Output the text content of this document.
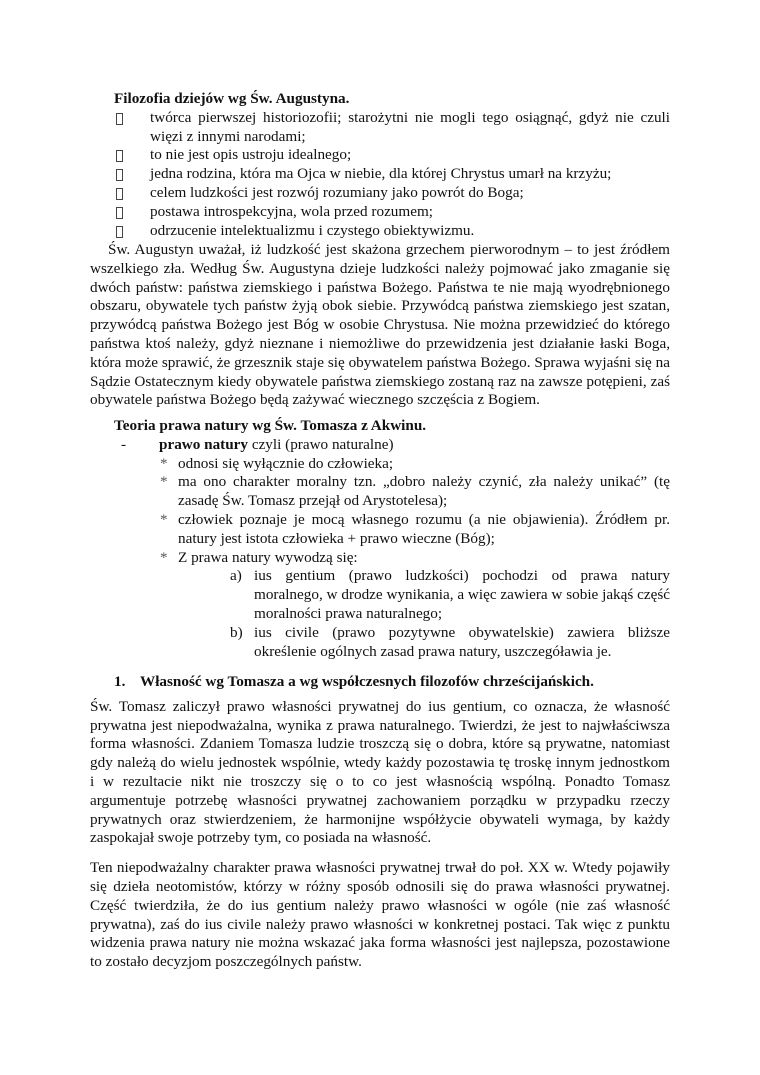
Filozofia dziejów wg Św. Augustyna.
twórca pierwszej historiozofii; starożytni nie mogli tego osiągnąć, gdyż nie czuli więzi z innymi narodami;
to nie jest opis ustroju idealnego;
jedna rodzina, która ma Ojca w niebie, dla której Chrystus umarł na krzyżu;
celem ludzkości jest rozwój rozumiany jako powrót do Boga;
postawa introspekcyjna, wola przed rozumem;
odrzucenie intelektualizmu i czystego obiektywizmu.

Św. Augustyn uważał, iż ludzkość jest skażona grzechem pierworodnym – to jest źródłem wszelkiego zła. Według Św. Augustyna dzieje ludzkości należy pojmować jako zmaganie się dwóch państw: państwa ziemskiego i państwa Bożego. Państwa te nie mają wyodrębnionego obszaru, obywatele tych państw żyją obok siebie. Przywódcą państwa ziemskiego jest szatan, przywódcą państwa Bożego jest Bóg w osobie Chrystusa. Nie można przewidzieć do którego państwa ktoś należy, gdyż nieznane i niemożliwe do przewidzenia jest działanie łaski Boga, która może sprawić, że grzesznik staje się obywatelem państwa Bożego. Sprawa wyjaśni się na Sądzie Ostatecznym kiedy obywatele państwa ziemskiego zostaną raz na zawsze potępieni, zaś obywatele państwa Bożego będą zażywać wiecznego szczęścia z Bogiem.

Teoria prawa natury wg Św. Tomasza z Akwinu.
- prawo natury czyli (prawo naturalne)
* odnosi się wyłącznie do człowieka;
* ma ono charakter moralny tzn. „dobro należy czynić, zła należy unikać” (tę zasadę Św. Tomasz przejął od Arystotelesa);
* człowiek poznaje je mocą własnego rozumu (a nie objawienia). Źródłem pr. natury jest istota człowieka + prawo wieczne (Bóg);
* Z prawa natury wywodzą się:
a) ius gentium (prawo ludzkości) pochodzi od prawa natury moralnego, w drodze wynikania, a więc zawiera w sobie jakąś część moralności prawa naturalnego;
b) ius civile (prawo pozytywne obywatelskie) zawiera bliższe określenie ogólnych zasad prawa natury, uszczegóławia je.
1. Własność wg Tomasza a wg współczesnych filozofów chrześcijańskich.

Św. Tomasz zaliczył prawo własności prywatnej do ius gentium, co oznacza, że własność prywatna jest niepodważalna, wynika z prawa naturalnego. Twierdzi, że jest to najwłaściwsza forma własności. Zdaniem Tomasza ludzie troszczą się o dobra, które są prywatne, natomiast gdy należą do wielu jednostek wspólnie, wtedy każdy pozostawia tę troskę innym jednostkom i w rezultacie nikt nie troszczy się o to co jest własnością wspólną. Ponadto Tomasz argumentuje potrzebę własności prywatnej zachowaniem porządku w przypadku rzeczy prywatnych oraz stwierdzeniem, że harmonijne współżycie obywateli wymaga, by każdy zaspokajał swoje potrzeby tym, co posiada na własność.

Ten niepodważalny charakter prawa własności prywatnej trwał do poł. XX w. Wtedy pojawiły się dzieła neotomistów, którzy w różny sposób odnosili się do prawa własności prywatnej. Część twierdziła, że do ius gentium należy prawo własności w ogóle (nie zaś własność prywatna), zaś do ius civile należy prawo własności w konkretnej postaci. Tak więc z punktu widzenia prawa natury nie można wskazać jaka forma własności jest najlepsza, pozostawione to zostało decyzjom poszczególnych państw.
